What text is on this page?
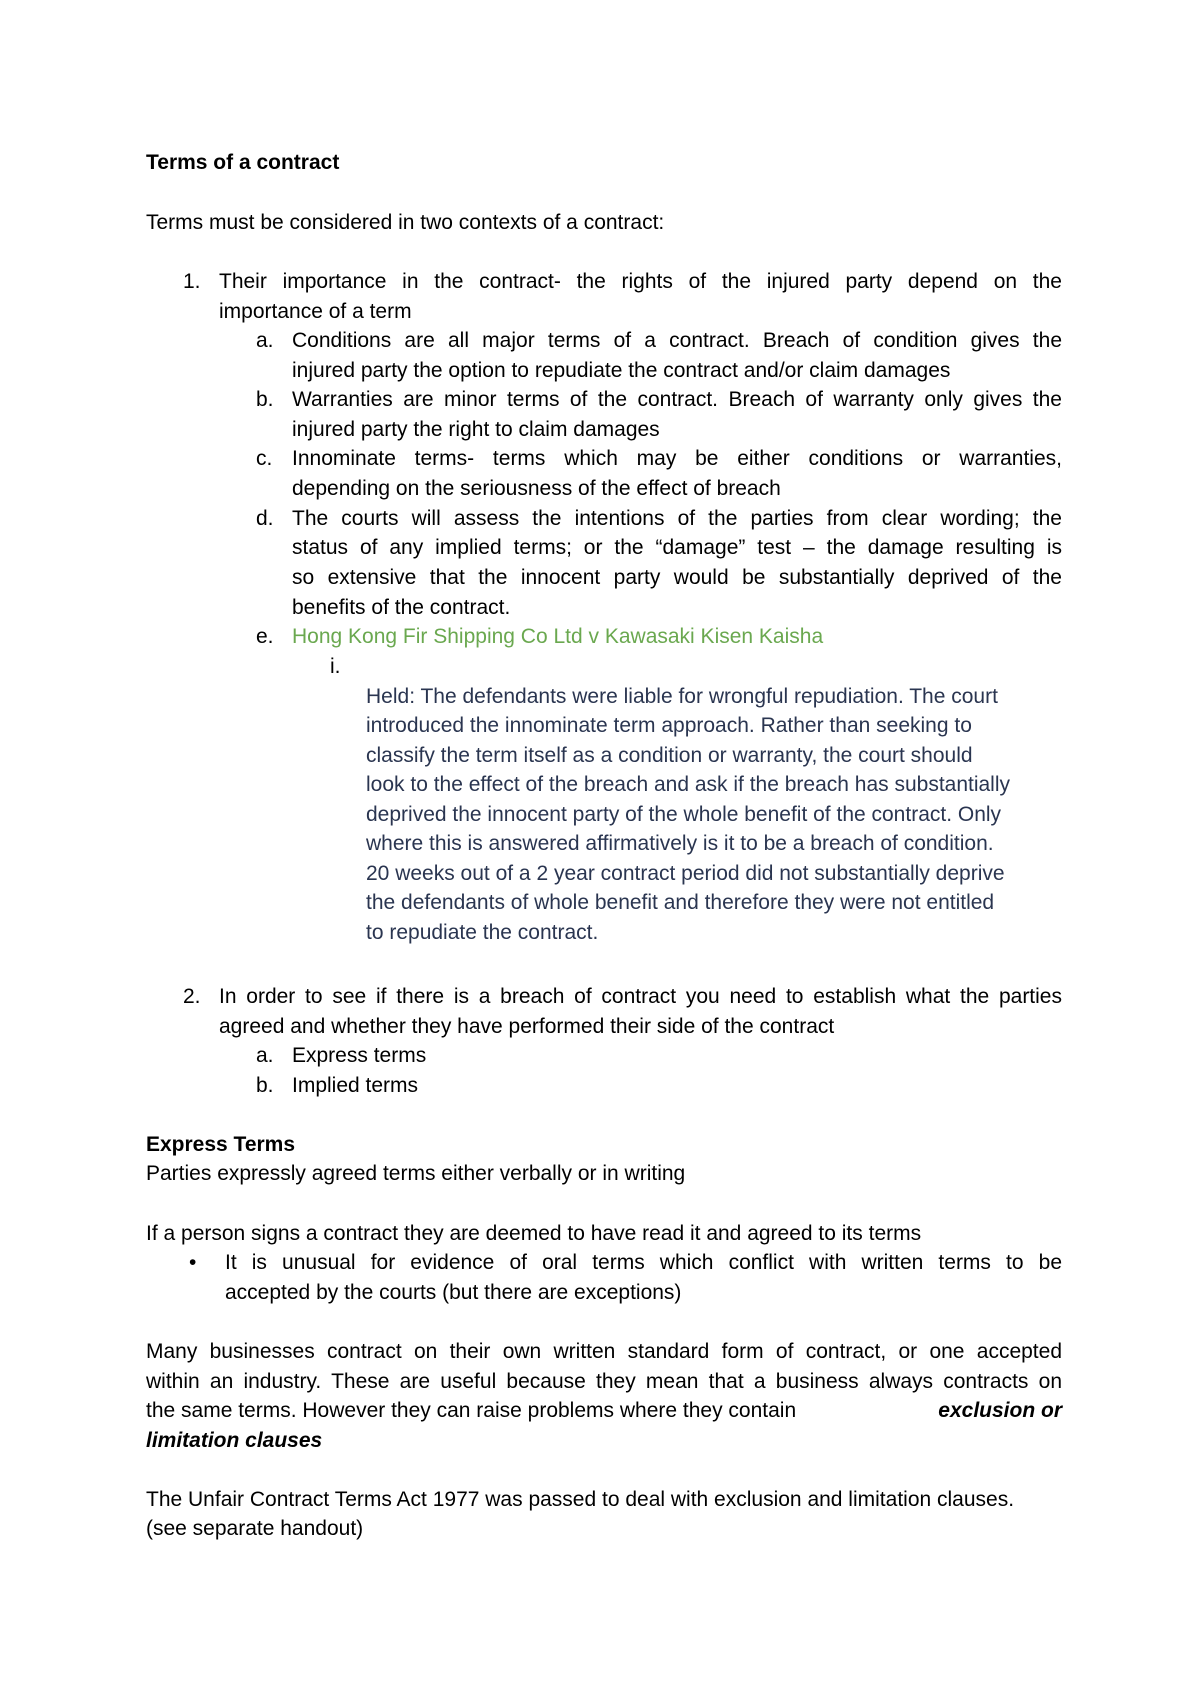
Terms of a contract
Terms must be considered in two contexts of a contract:
1. Their importance in the contract- the rights of the injured party depend on the
importance of a term
a. Conditions are all major terms of a contract. Breach of condition gives the
injured party the option to repudiate the contract and/or claim damages
b. Warranties are minor terms of the contract. Breach of warranty only gives the
injured party the right to claim damages
c. Innominate terms- terms which may be either conditions or warranties,
depending on the seriousness of the effect of breach
d. The courts will assess the intentions of the parties from clear wording; the
status of any implied terms; or the “damage” test – the damage resulting is
so extensive that the innocent party would be substantially deprived of the
benefits of the contract.
e. Hong Kong Fir Shipping Co Ltd v Kawasaki Kisen Kaisha
i.
Held: The defendants were liable for wrongful repudiation. The court
introduced the innominate term approach. Rather than seeking to
classify the term itself as a condition or warranty, the court should
look to the effect of the breach and ask if the breach has substantially
deprived the innocent party of the whole benefit of the contract. Only
where this is answered affirmatively is it to be a breach of condition.
20 weeks out of a 2 year contract period did not substantially deprive
the defendants of whole benefit and therefore they were not entitled
to repudiate the contract.
2. In order to see if there is a breach of contract you need to establish what the parties
agreed and whether they have performed their side of the contract
a. Express terms
b. Implied terms
Express Terms
Parties expressly agreed terms either verbally or in writing
If a person signs a contract they are deemed to have read it and agreed to its terms
• It is unusual for evidence of oral terms which conflict with written terms to be
accepted by the courts (but there are exceptions)
Many businesses contract on their own written standard form of contract, or one accepted
within an industry. These are useful because they mean that a business always contracts on
the same terms. However they can raise problems where they contain	exclusion or
limitation clauses
The Unfair Contract Terms Act 1977 was passed to deal with exclusion and limitation clauses.
(see separate handout)
